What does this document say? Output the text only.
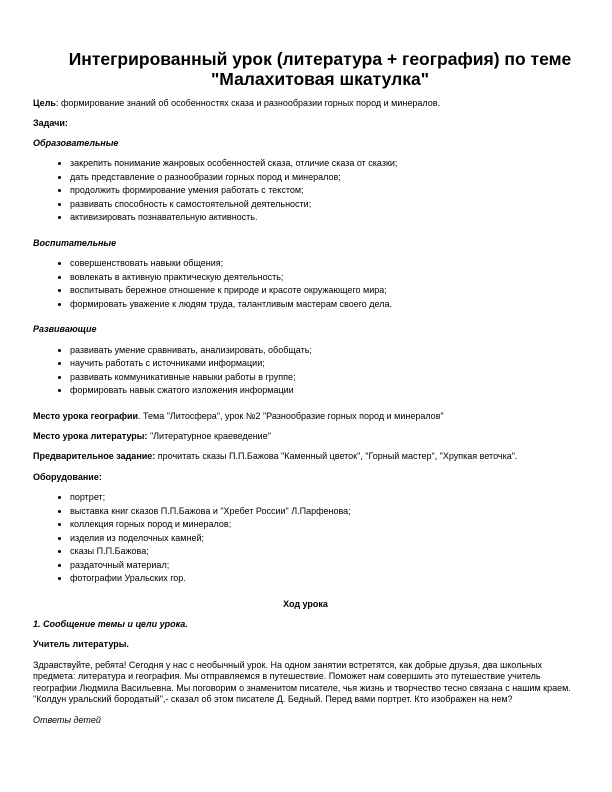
Интегрированный урок (литература + география) по теме "Малахитовая шкатулка"

Цель: формирование знаний об особенностях сказа и разнообразии горных пород и минералов.

Задачи:

Образовательные

закрепить понимание жанровых особенностей сказа, отличие сказа от сказки;
дать представление о разнообразии горных пород и минералов;
продолжить формирование умения работать с текстом;
развивать способность к самостоятельной деятельности;
активизировать познавательную активность.

Воспитательные

совершенствовать навыки общения;
вовлекать в активную практическую деятельность;
воспитывать бережное отношение к природе и красоте окружающего мира;
формировать уважение к людям труда, талантливым мастерам своего дела.

Развивающие

развивать умение сравнивать, анализировать, обобщать;
научить работать с источниками информации;
развивать коммуникативные навыки работы в группе;
формировать навык сжатого изложения информации

Место урока географии. Тема "Литосфера", урок №2 "Разнообразие горных пород и минералов"

Место урока литературы: "Литературное краеведение"

Предварительное задание: прочитать сказы П.П.Бажова "Каменный цветок", "Горный мастер", "Хрупкая веточка".

Оборудование:

портрет;
выставка книг сказов П.П.Бажова и "Хребет России" Л.Парфенова;
коллекция горных пород и минералов;
изделия из поделочных камней;
сказы П.П.Бажова;
раздаточный материал;
фотографии Уральских гор.

Ход урока

1. Сообщение темы и цели урока.

Учитель литературы.

Здравствуйте, ребята! Сегодня у нас с необычный урок. На одном занятии встретятся, как добрые друзья, два школьных предмета: литература и география. Мы отправляемся в путешествие. Поможет нам совершить это путешествие учитель географии Людмила Васильевна. Мы поговорим о знаменитом писателе, чья жизнь и творчество тесно связана с нашим краем. "Колдун уральский бородатый",- сказал об этом писателе Д. Бедный. Перед вами портрет. Кто изображен на нем?

Ответы детей
